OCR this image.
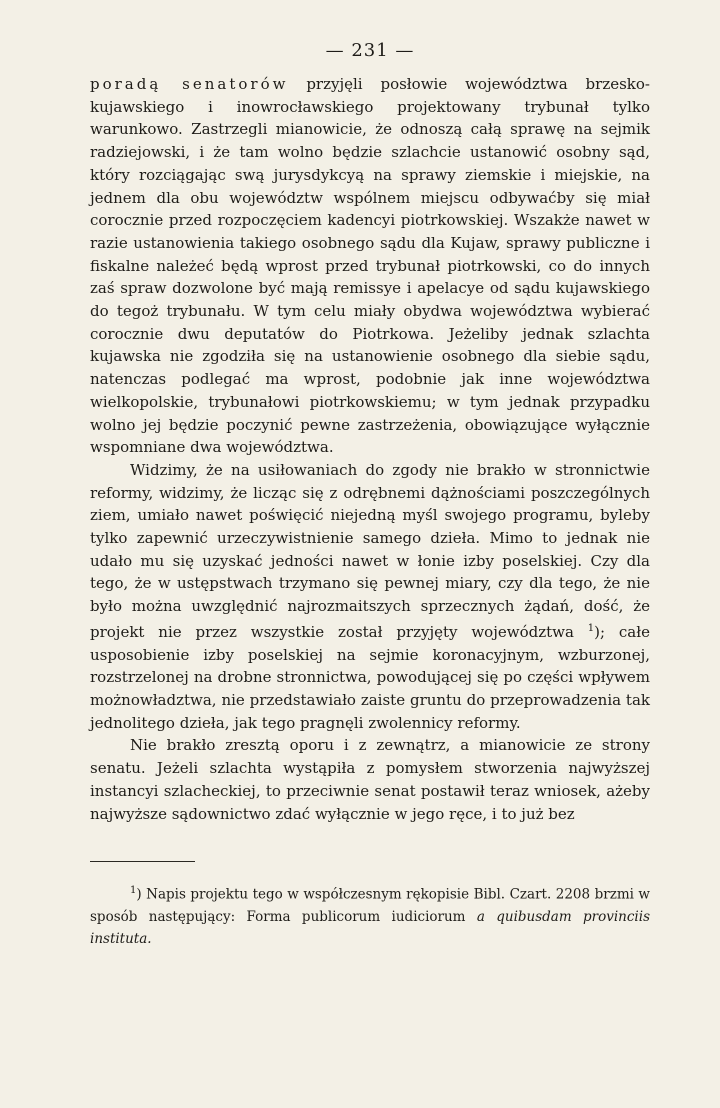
— 231 —

poradą senatorów przyjęli posłowie województwa brzesko-kujawskiego i inowrocławskiego projektowany trybunał tylko warunkowo. Zastrzegli mianowicie, że odnoszą całą sprawę na sejmik radziejowski, i że tam wolno będzie szlachcie ustanowić osobny sąd, który rozciągając swą jurysdykcyą na sprawy ziemskie i miejskie, na jednem dla obu województw wspólnem miejscu odbywaćby się miał corocznie przed rozpoczęciem kadencyi piotrkowskiej. Wszakże nawet w razie ustanowienia takiego osobnego sądu dla Kujaw, sprawy publiczne i fiskalne należeć będą wprost przed trybunał piotrkowski, co do innych zaś spraw dozwolone być mają remissye i apelacye od sądu kujawskiego do tegoż trybunału. W tym celu miały obydwa województwa wybierać corocznie dwu deputatów do Piotrkowa. Jeżeliby jednak szlachta kujawska nie zgodziła się na ustanowienie osobnego dla siebie sądu, natenczas podlegać ma wprost, podobnie jak inne województwa wielkopolskie, trybunałowi piotrkowskiemu; w tym jednak przypadku wolno jej będzie poczynić pewne zastrzeżenia, obowiązujące wyłącznie wspomniane dwa województwa.

Widzimy, że na usiłowaniach do zgody nie brakło w stronnictwie reformy, widzimy, że licząc się z odrębnemi dążnościami poszczególnych ziem, umiało nawet poświęcić niejedną myśl swojego programu, byleby tylko zapewnić urzeczywistnienie samego dzieła. Mimo to jednak nie udało mu się uzyskać jedności nawet w łonie izby poselskiej. Czy dla tego, że w ustępstwach trzymano się pewnej miary, czy dla tego, że nie było można uwzględnić najrozmaitszych sprzecznych żądań, dość, że projekt nie przez wszystkie został przyjęty województwa $^1$); całe usposobienie izby poselskiej na sejmie koronacyjnym, wzburzonej, rozstrzelonej na drobne stronnictwa, powodującej się po części wpływem możnowładztwa, nie przedstawiało zaiste gruntu do przeprowadzenia tak jednolitego dzieła, jak tego pragnęli zwolennicy reformy.

Nie brakło zresztą oporu i z zewnątrz, a mianowicie ze strony senatu. Jeżeli szlachta wystąpiła z pomysłem stworzenia najwyższej instancyi szlacheckiej, to przeciwnie senat postawił teraz wniosek, ażeby najwyższe sądownictwo zdać wyłącznie w jego ręce, i to już bez

$^1$) Napis projektu tego w współczesnym rękopisie Bibl. Czart. 2208 brzmi w sposób następujący: Forma publicorum iudiciorum a quibusdam provinciis instituta.
